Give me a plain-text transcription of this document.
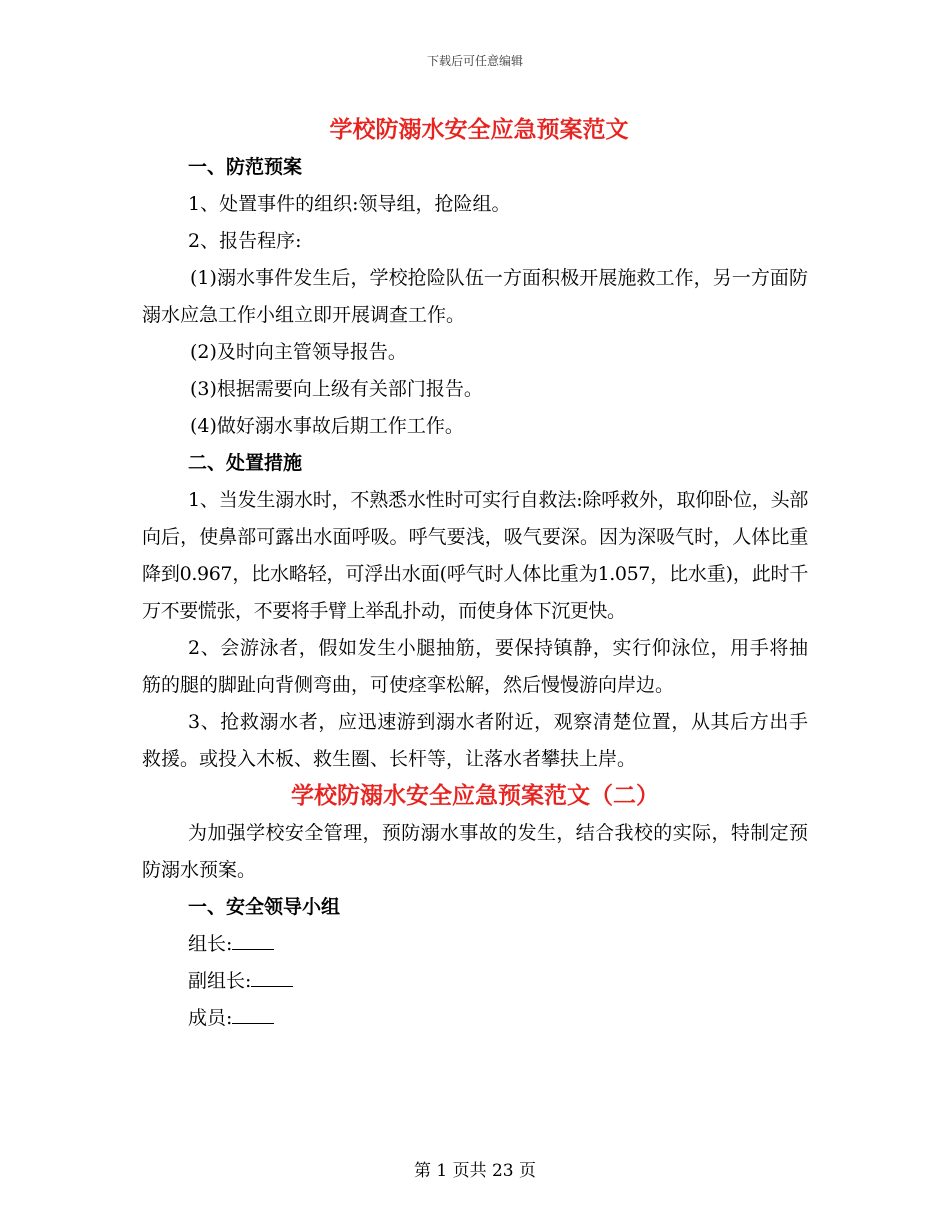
下载后可任意编辑
学校防溺水安全应急预案范文
一、防范预案

1、处置事件的组织:领导组，抢险组。

2、报告程序:

(1)溺水事件发生后，学校抢险队伍一方面积极开展施救工作，另一方面防溺水应急工作小组立即开展调查工作。

(2)及时向主管领导报告。

(3)根据需要向上级有关部门报告。

(4)做好溺水事故后期工作工作。

二、处置措施

1、当发生溺水时，不熟悉水性时可实行自救法:除呼救外，取仰卧位，头部向后，使鼻部可露出水面呼吸。呼气要浅，吸气要深。因为深吸气时，人体比重降到0.967，比水略轻，可浮出水面(呼气时人体比重为1.057，比水重)，此时千万不要慌张，不要将手臂上举乱扑动，而使身体下沉更快。

2、会游泳者，假如发生小腿抽筋，要保持镇静，实行仰泳位，用手将抽筋的腿的脚趾向背侧弯曲，可使痉挛松解，然后慢慢游向岸边。

3、抢救溺水者，应迅速游到溺水者附近，观察清楚位置，从其后方出手救援。或投入木板、救生圈、长杆等，让落水者攀扶上岸。

学校防溺水安全应急预案范文（二）

为加强学校安全管理，预防溺水事故的发生，结合我校的实际，特制定预防溺水预案。

一、安全领导小组
组长:
副组长:
成员:
第 1 页共 23 页
